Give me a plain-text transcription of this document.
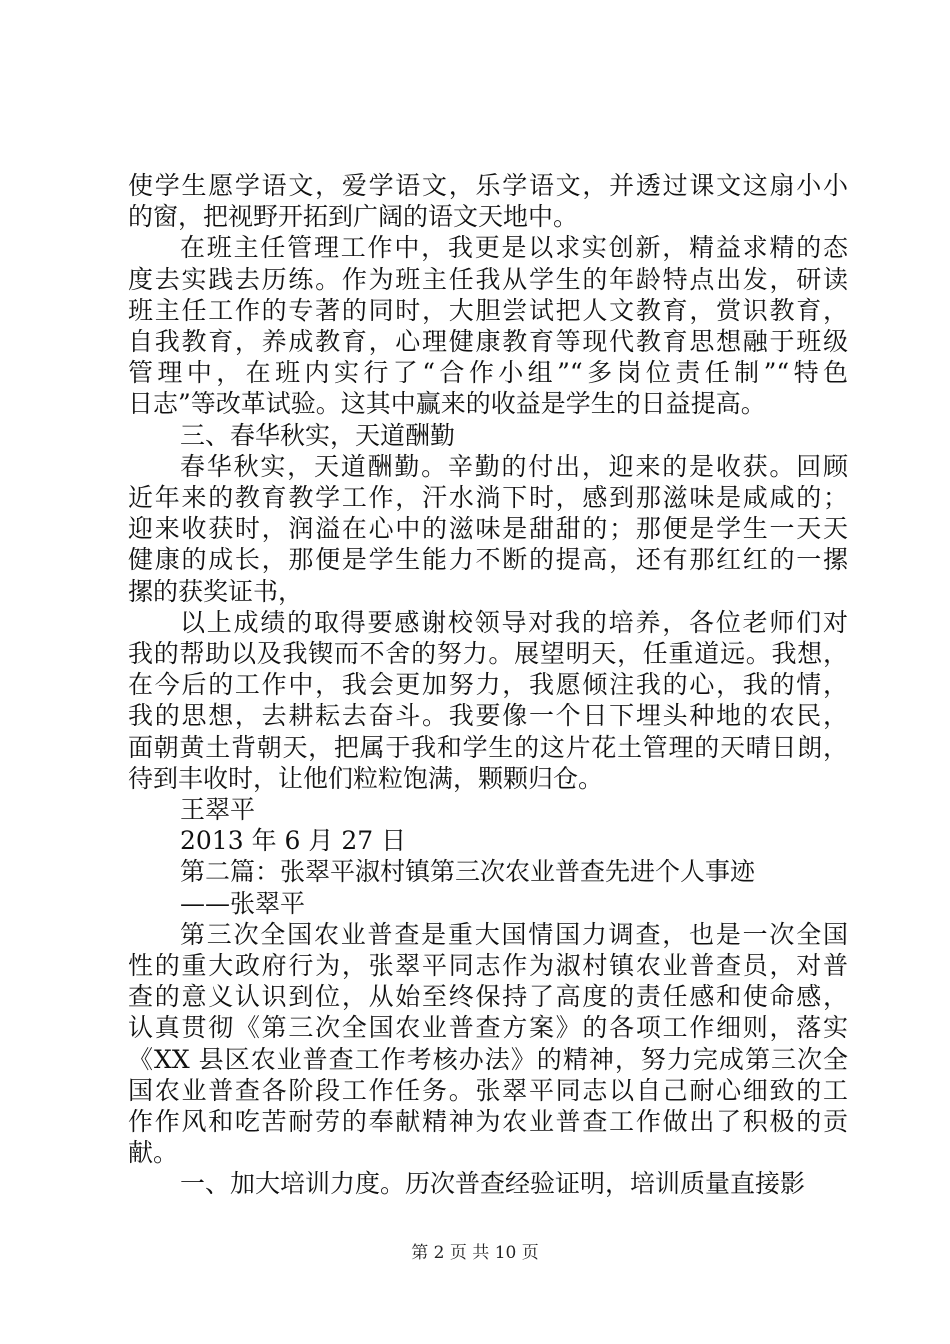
使学生愿学语文，爱学语文，乐学语文，并透过课文这扇小小
的窗，把视野开拓到广阔的语文天地中。
在班主任管理工作中，我更是以求实创新，精益求精的态
度去实践去历练。作为班主任我从学生的年龄特点出发，研读
班主任工作的专著的同时，大胆尝试把人文教育，赏识教育，
自我教育，养成教育，心理健康教育等现代教育思想融于班级
管理中，在班内实行了“合作小组”“多岗位责任制”“特色
日志”等改革试验。这其中赢来的收益是学生的日益提高。
三、春华秋实，天道酬勤
春华秋实，天道酬勤。辛勤的付出，迎来的是收获。回顾
近年来的教育教学工作，汗水淌下时，感到那滋味是咸咸的；
迎来收获时，润溢在心中的滋味是甜甜的；那便是学生一天天
健康的成长，那便是学生能力不断的提高，还有那红红的一摞
摞的获奖证书，
以上成绩的取得要感谢校领导对我的培养，各位老师们对
我的帮助以及我锲而不舍的努力。展望明天，任重道远。我想，
在今后的工作中，我会更加努力，我愿倾注我的心，我的情，
我的思想，去耕耘去奋斗。我要像一个日下埋头种地的农民，
面朝黄土背朝天，把属于我和学生的这片花土管理的天晴日朗，
待到丰收时，让他们粒粒饱满，颗颗归仓。
王翠平
2013 年 6 月 27 日
第二篇：张翠平淑村镇第三次农业普查先进个人事迹
——张翠平
第三次全国农业普查是重大国情国力调查，也是一次全国
性的重大政府行为，张翠平同志作为淑村镇农业普查员，对普
查的意义认识到位，从始至终保持了高度的责任感和使命感，
认真贯彻《第三次全国农业普查方案》的各项工作细则，落实
《XX 县区农业普查工作考核办法》的精神，努力完成第三次全
国农业普查各阶段工作任务。张翠平同志以自己耐心细致的工
作作风和吃苦耐劳的奉献精神为农业普查工作做出了积极的贡
献。
一、加大培训力度。历次普查经验证明，培训质量直接影
第 2 页 共 10 页
